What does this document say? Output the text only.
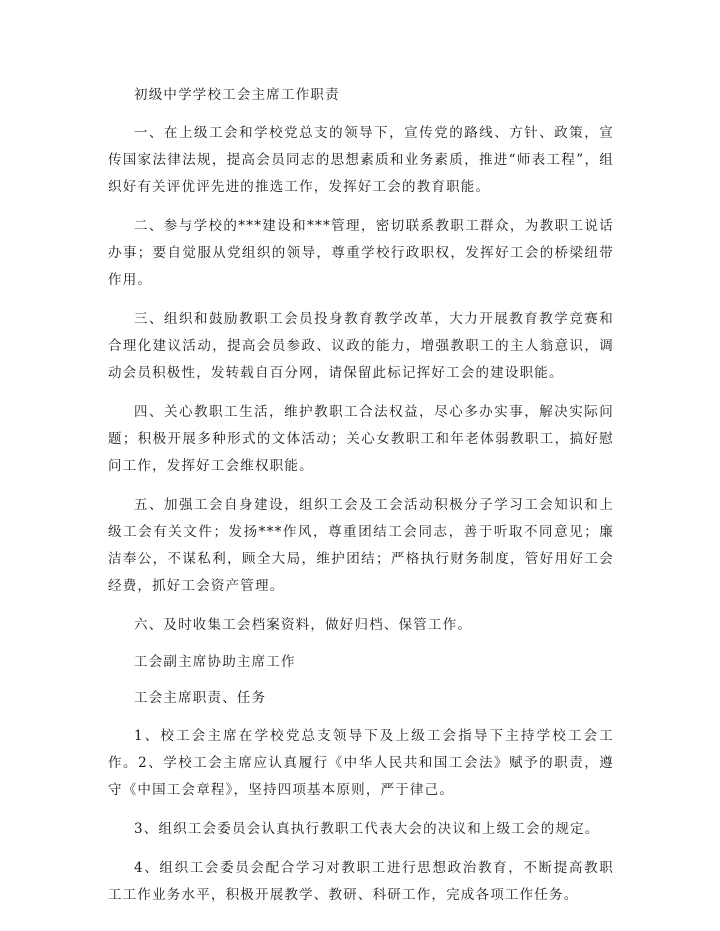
初级中学学校工会主席工作职责

一、在上级工会和学校党总支的领导下，宣传党的路线、方针、政策，宣传国家法律法规，提高会员同志的思想素质和业务素质，推进“师表工程”，组织好有关评优评先进的推选工作，发挥好工会的教育职能。

二、参与学校的***建设和***管理，密切联系教职工群众，为教职工说话办事；要自觉服从党组织的领导，尊重学校行政职权，发挥好工会的桥梁纽带作用。

三、组织和鼓励教职工会员投身教育教学改革，大力开展教育教学竞赛和合理化建议活动，提高会员参政、议政的能力，增强教职工的主人翁意识，调动会员积极性，发转载自百分网，请保留此标记挥好工会的建设职能。

四、关心教职工生活，维护教职工合法权益，尽心多办实事，解决实际问题；积极开展多种形式的文体活动；关心女教职工和年老体弱教职工，搞好慰问工作，发挥好工会维权职能。

五、加强工会自身建设，组织工会及工会活动积极分子学习工会知识和上级工会有关文件；发扬***作风，尊重团结工会同志，善于听取不同意见；廉洁奉公，不谋私利，顾全大局，维护团结；严格执行财务制度，管好用好工会经费，抓好工会资产管理。

六、及时收集工会档案资料，做好归档、保管工作。

工会副主席协助主席工作

工会主席职责、任务

1、校工会主席在学校党总支领导下及上级工会指导下主持学校工会工作。2、学校工会主席应认真履行《中华人民共和国工会法》赋予的职责，遵守《中国工会章程》，坚持四项基本原则，严于律己。

3、组织工会委员会认真执行教职工代表大会的决议和上级工会的规定。

4、组织工会委员会配合学习对教职工进行思想政治教育，不断提高教职工工作业务水平，积极开展教学、教研、科研工作，完成各项工作任务。
